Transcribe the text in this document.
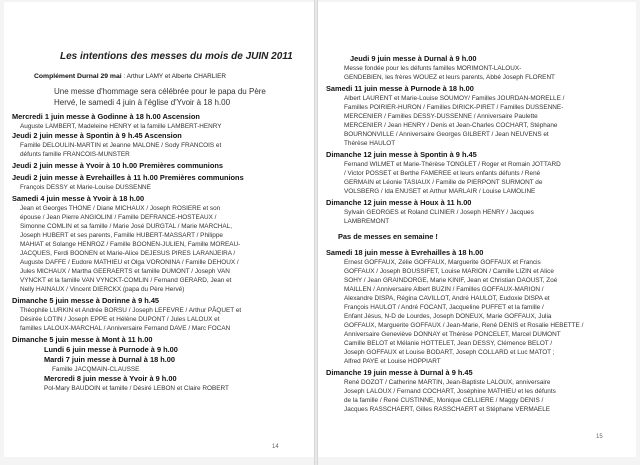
Les intentions des messes du mois de JUIN 2011
Complément Durnal 29 mai : Arthur LAMY et Alberte CHARLIER
Une messe d'hommage sera célébrée pour le papa du Père
Hervé, le samedi 4 juin à l'église d'Yvoir à 18 h.00
Mercredi 1 juin messe à Godinne à 18 h.00 Ascension
Auguste LAMBERT, Madeleine HENRY et la famille LAMBERT-HENRY
Jeudi 2 juin messe à Spontin à 9 h.45 Ascension
Famille DELOULIN-MARTIN et Jeanne MALONE / Sody FRANCOIS et
défunts famille FRANCOIS-MUNSTER
Jeudi 2 juin messe à Yvoir à 10 h.00 Premières communions
Jeudi 2 juin messe à Evrehailles à 11 h.00 Premières communions
François DESSY et Marie-Louise DUSSENNE
Samedi 4 juin messe à Yvoir à 18 h.00
Jean et Georges THONE / Diane MICHAUX / Joseph ROSIERE et son
épouse / Jean Pierre ANGIOLINI / Famille DEFRANCE-HOSTEAUX /
Simonne COMLIN et sa famille / Marie José DURGTAL / Marie MARCHAL,
Joseph HUBERT et ses parents, Famille HUBERT-MASSART / Philippe
MAHIAT et Solange HENROZ / Famille BOONEN-JULIEN, Famille MOREAU-
JACQUES, Ferdi BOONEN et Marie-Alice DEJESUS PIRES LARANJEIRA /
Auguste DAFFE / Eudore MATHIEU et Olga VORONINA / Famille DEHOUX /
Jules MICHAUX / Martha GEERAERTS et famille DUMONT / Joseph VAN
VYNCKT et la famille VAN VYNCKT-COMLIN / Fernand GERARD, Jean et
Nelly HAINAUX / Vincent DIERCKX (papa du Père Hervé)
Dimanche 5 juin messe à Dorinne à 9 h.45
Théophile LURKIN et Andrée BORSU / Joseph LEFEVRE / Arthur PÂQUET et
Désirée LOTIN / Joseph EPPE et Hélène DUPONT / Jules LALOUX et
familles LALOUX-MARCHAL / Anniversaire Fernand DAVE / Marc FOCAN
Dimanche 5 juin messe à Mont à 11 h.00
Lundi 6 juin messe à Purnode à 9 h.00
Mardi 7 juin messe à Durnal à 18 h.00
Famille JACQMAIN-CLAUSSE
Mercredi 8 juin messe à Yvoir à 9 h.00
Pol-Mary BAUDOIN et famille / Désiré LEBON et Claire ROBERT
14
Jeudi 9 juin messe à Durnal à 9 h.00
Messe fondée pour les défunts familles MORIMONT-LALOUX-
GENDEBIEN, les frères WOUEZ et leurs parents, Abbé Joseph FLORENT
Samedi 11 juin messe à Purnode à 18 h.00
Albert LAURENT et Marie-Louise SOUMOY/ Familles JOURDAN-MORELLE /
Familles POIRIER-HURON / Familles DIRICK-PIRET / Familles DUSSENNE-
MERCENIER / Familles DESSY-DUSSENNE / Anniversaire Paulette
MERCENIER / Jean HENRY / Denis et Jean-Charles COCHART, Stéphane
BOURNONVILLE / Anniversaire Georges GILBERT / Jean NEUVENS et
Thérèse HAULOT
Dimanche 12 juin messe à Spontin à 9 h.45
Fernand WILMET et Marie-Thérèse TONGLET / Roger et Romain JOTTARD
/ Victor POSSET et Berthe FAMEREE et leurs enfants défunts / René
GERMAIN et Léonie TASIAUX / Famille de PIERPONT SURMONT de
VOLSBERG / Ida ENUSET et Arthur MARLAIR / Louise LAMOLINE
Dimanche 12 juin messe à Houx à 11 h.00
Sylvain GEORGES et Roland CLINIER / Joseph HENRY / Jacques
LAMBREMONT
Pas de messes en semaine !
Samedi 18 juin messe à Evrehailles à 18 h.00
Ernest GOFFAUX, Zélie GOFFAUX, Marguerite GOFFAUX et Francis
GOFFAUX / Joseph BOUSSIFET, Louise MARION / Camille LIZIN et Alice
SOHY / Jean GRAINDORGE, Marie KINIF, Jean et Christian DAOUST, Zoé
MAILLEN / Anniversaire Albert BUZIN / Familles GOFFAUX-MARION /
Alexandre DISPA, Régina CAVILLOT, André HAULOT, Eudoxie DISPA et
François HAULOT / André FOCANT, Jacqueline PUFFET et la famille /
Enfant Jésus, N-D de Lourdes, Joseph DONEUX, Marie GOFFAUX, Julia
GOFFAUX, Marguerite GOFFAUX / Jean-Marie, René DENIS et Rosalie HEBETTE /
Anniversaire Geneviève DONNAY et Thérèse PONCELET, Marcel DUMONT
Camille BELOT et Mélanie HOTTELET, Jean DESSY, Clémence BELOT /
Joseph GOFFAUX et Louise BODART, Joseph COLLARD et Luc MATOT ;
Alfred PAYE et Louise HOPPIART
Dimanche 19 juin messe à Durnal à 9 h.45
René DOZOT / Catherine MARTIN, Jean-Baptiste LALOUX, anniversaire
Joseph LALOUX / Fernand COCHART, Joséphine MATHIEU et les défunts
de la famille / René CUSTINNE, Monique CELLIERE / Maggy DENIS /
Jacques RASSCHAERT, Gilles RASSCHAERT et Stéphane VERMAELE
15
